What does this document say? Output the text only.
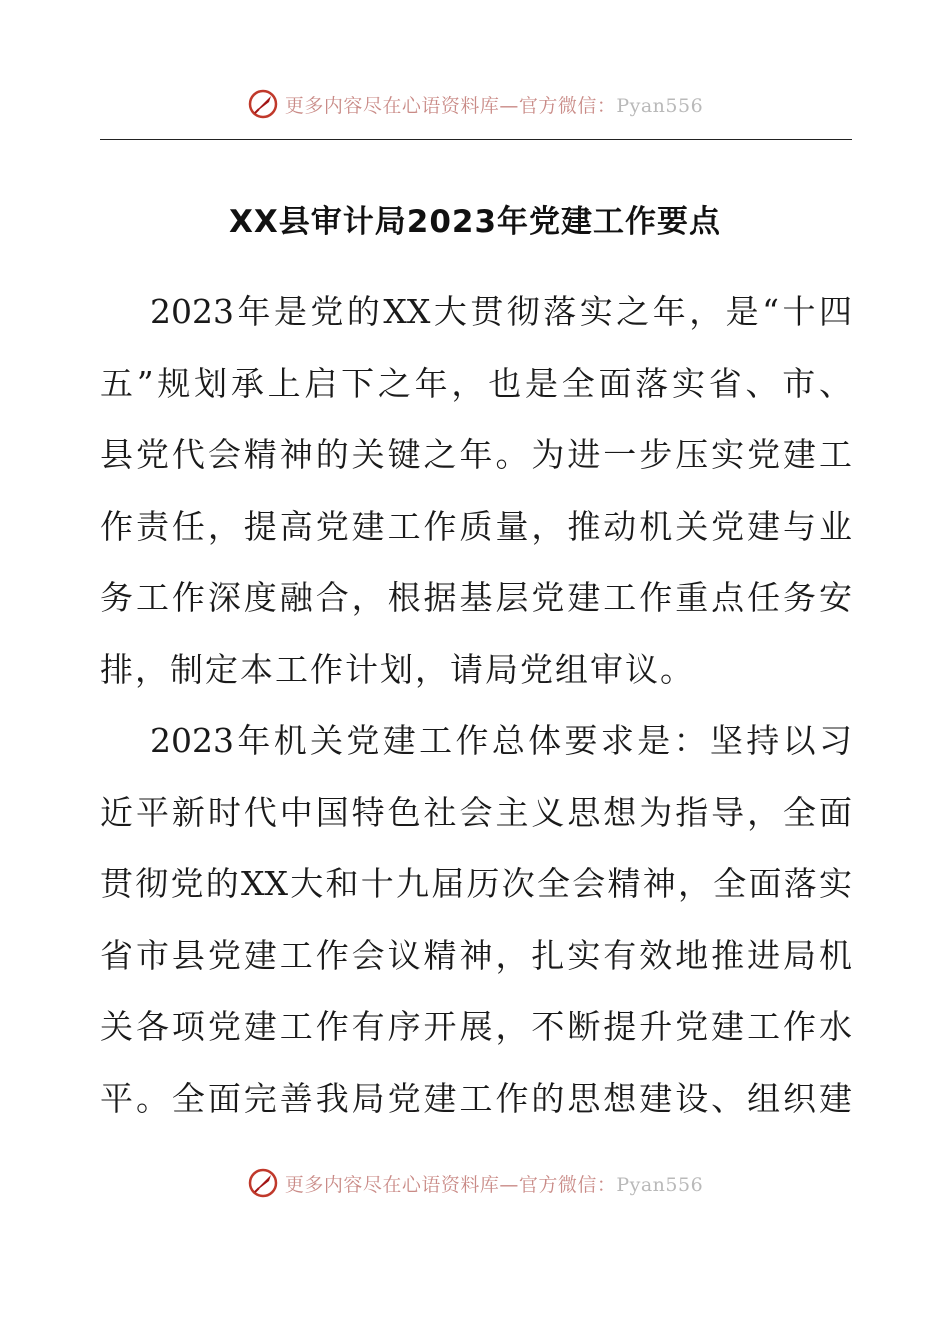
更多内容尽在心语资料库—官方微信：Pyan556
XX县审计局2023年党建工作要点
2023年是党的XX大贯彻落实之年，是“十四
五”规划承上启下之年，也是全面落实省、市、
县党代会精神的关键之年。为进一步压实党建工
作责任，提高党建工作质量，推动机关党建与业
务工作深度融合，根据基层党建工作重点任务安
排，制定本工作计划，请局党组审议。
2023年机关党建工作总体要求是：坚持以习
近平新时代中国特色社会主义思想为指导，全面
贯彻党的XX大和十九届历次全会精神，全面落实
省市县党建工作会议精神，扎实有效地推进局机
关各项党建工作有序开展，不断提升党建工作水
平。全面完善我局党建工作的思想建设、组织建
更多内容尽在心语资料库—官方微信：Pyan556
